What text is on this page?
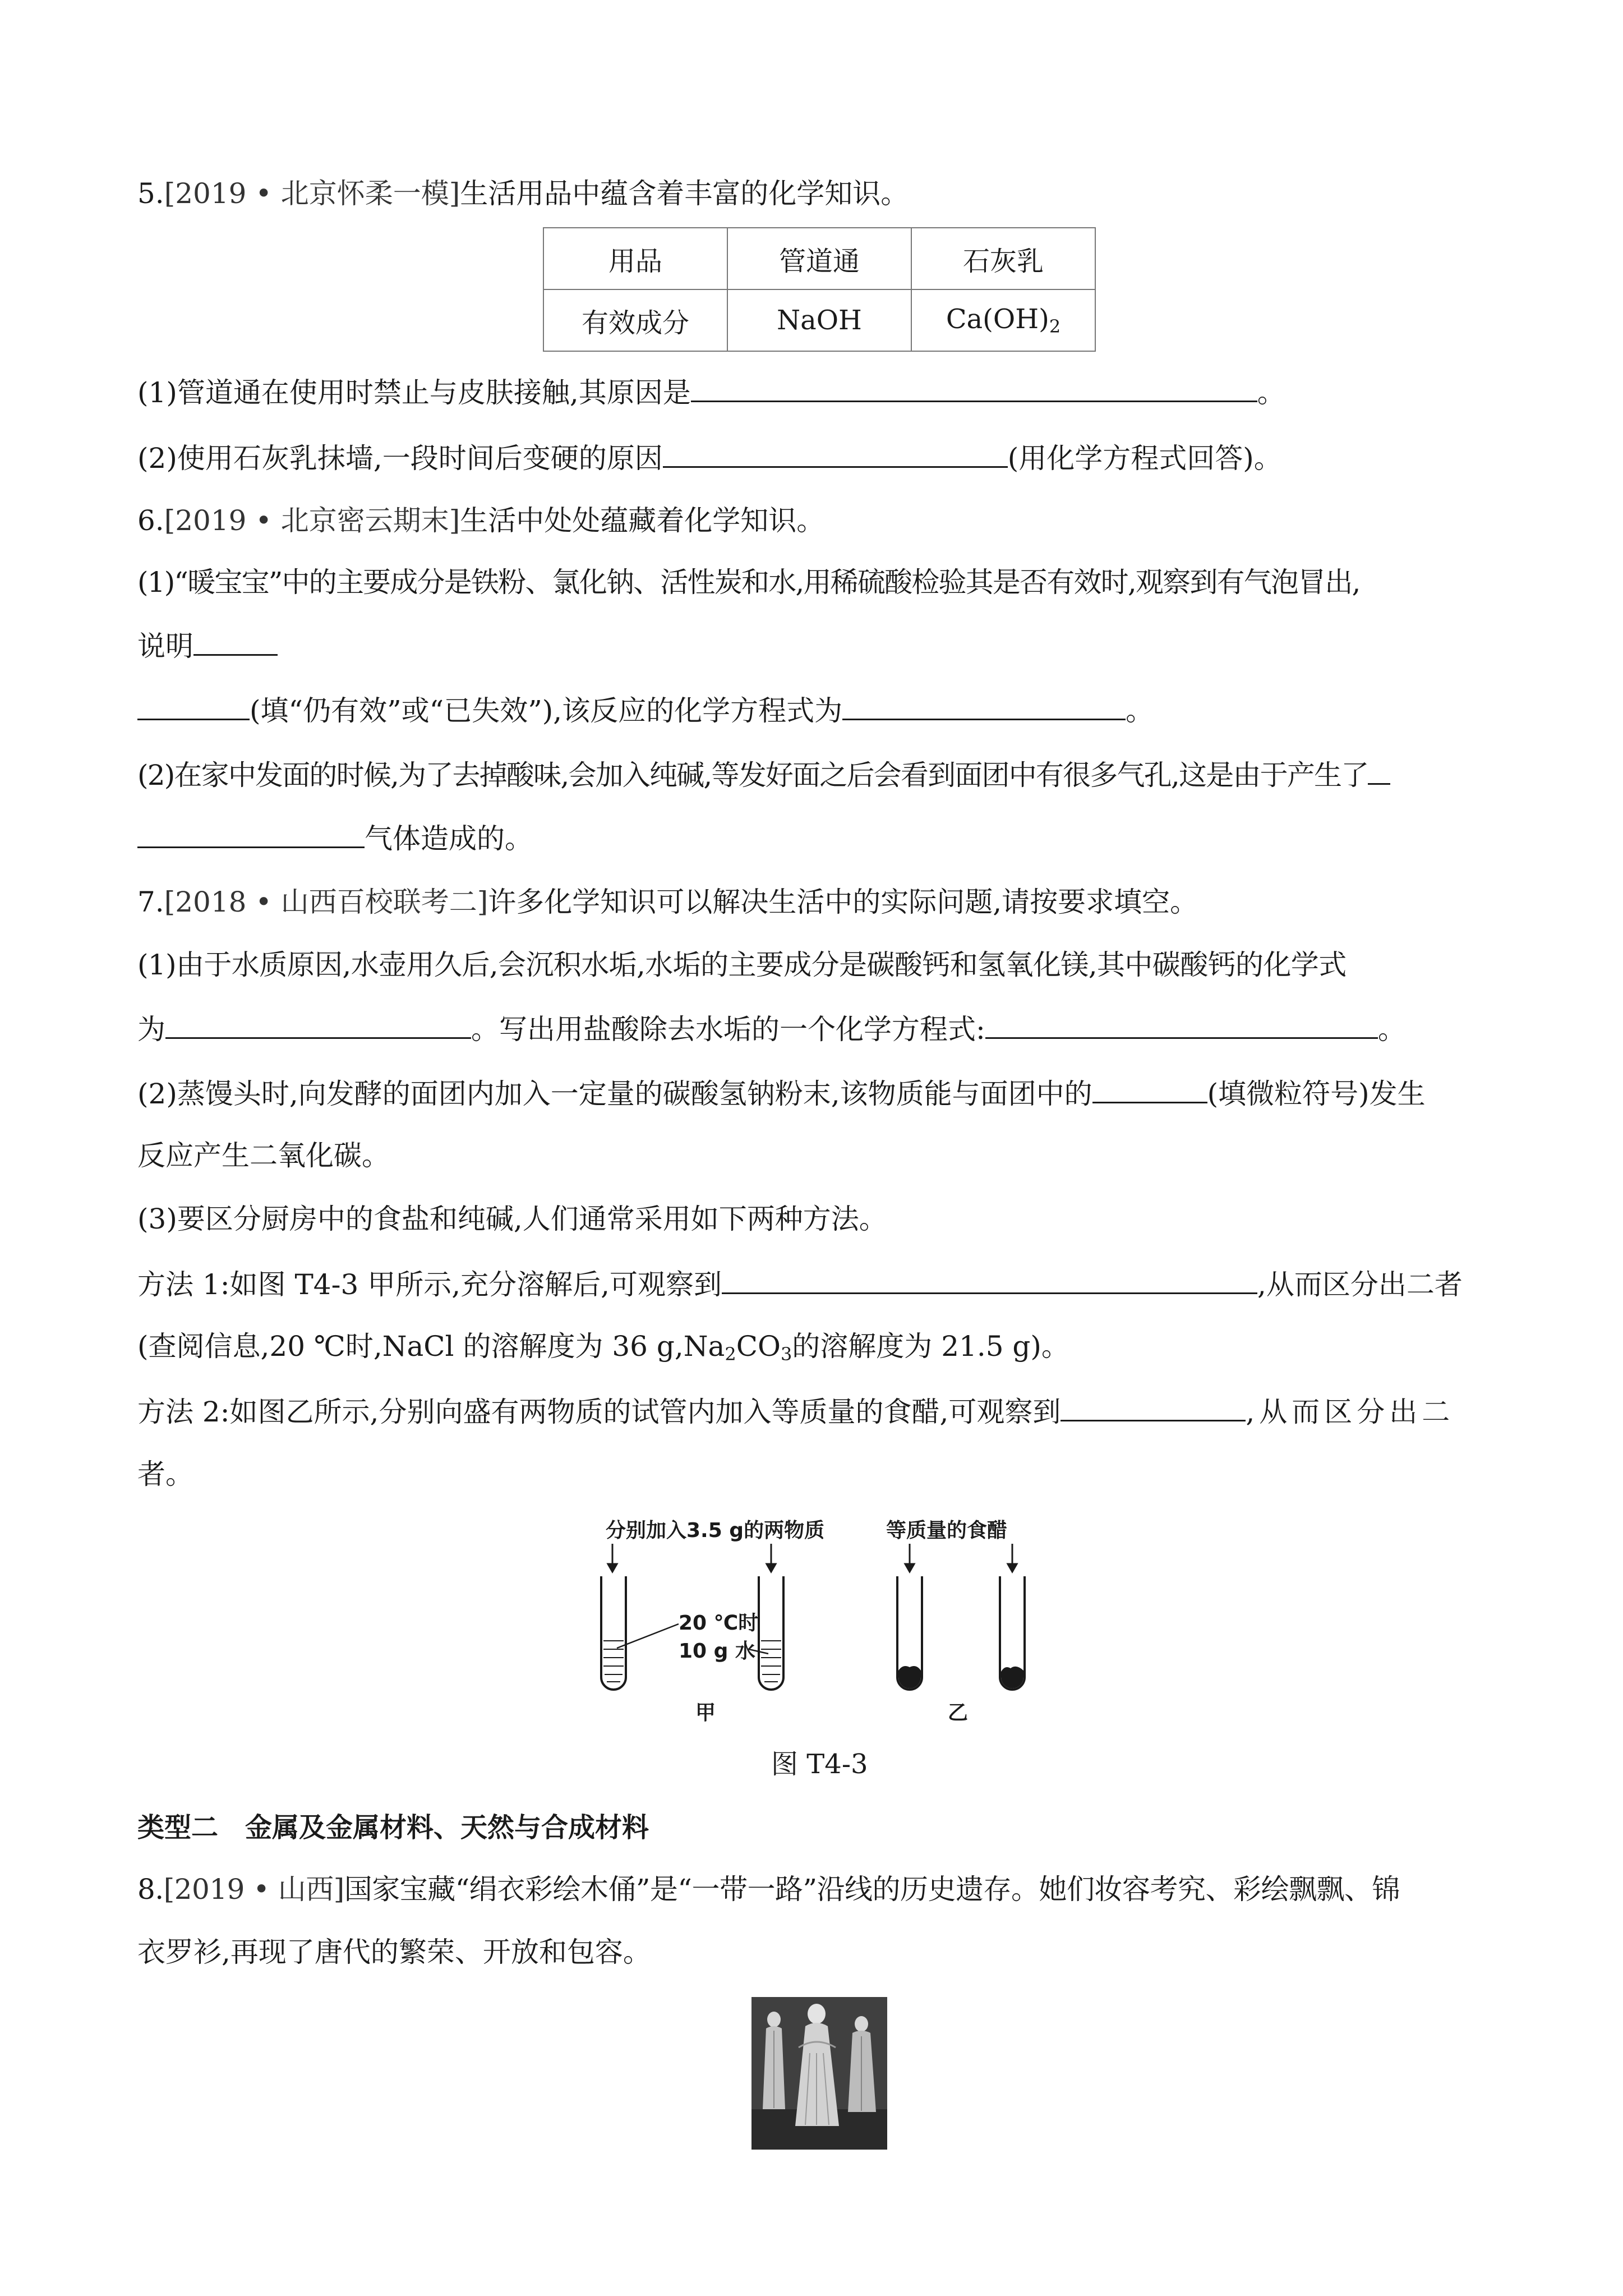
5.[2019 • 北京怀柔一模]生活用品中蕴含着丰富的化学知识。
用品	管道通	石灰乳
有效成分	NaOH	$Ca(OH)_2$
(1)管道通在使用时禁止与皮肤接触,其原因是	。
(2)使用石灰乳抹墙,一段时间后变硬的原因	(用化学方程式回答)。
6.[2019 • 北京密云期末]生活中处处蕴藏着化学知识。
(1)“暖宝宝”中的主要成分是铁粉、氯化钠、活性炭和水,用稀硫酸检验其是否有效时,观察到有气泡冒出,
说明
(填“仍有效”或“已失效”),该反应的化学方程式为	。
(2)在家中发面的时候,为了去掉酸味,会加入纯碱,等发好面之后会看到面团中有很多气孔,这是由于产生了
气体造成的。
7.[2018 • 山西百校联考二]许多化学知识可以解决生活中的实际问题,请按要求填空。
(1)由于水质原因,水壶用久后,会沉积水垢,水垢的主要成分是碳酸钙和氢氧化镁,其中碳酸钙的化学式
为	。写出用盐酸除去水垢的一个化学方程式:	。
(2)蒸馒头时,向发酵的面团内加入一定量的碳酸氢钠粉末,该物质能与面团中的	(填微粒符号)发生
反应产生二氧化碳。
(3)要区分厨房中的食盐和纯碱,人们通常采用如下两种方法。
方法 1:如图 T4-3 甲所示,充分溶解后,可观察到	,从而区分出二者
(查阅信息,20 ℃时,NaCl 的溶解度为 36 $g,Na_2CO_3$的溶解度为 21.5 g)。
方法 2:如图乙所示,分别向盛有两物质的试管内加入等质量的食醋,可观察到	,从而区分出二
者。
分别加入3.5 g的两物质	等质量的食醋
20 ℃时
10 g 水
甲	乙
图 T4-3
类型二　金属及金属材料、天然与合成材料
8.[2019 • 山西]国家宝藏“绢衣彩绘木俑”是“一带一路”沿线的历史遗存。她们妆容考究、彩绘飘飘、锦
衣罗衫,再现了唐代的繁荣、开放和包容。
